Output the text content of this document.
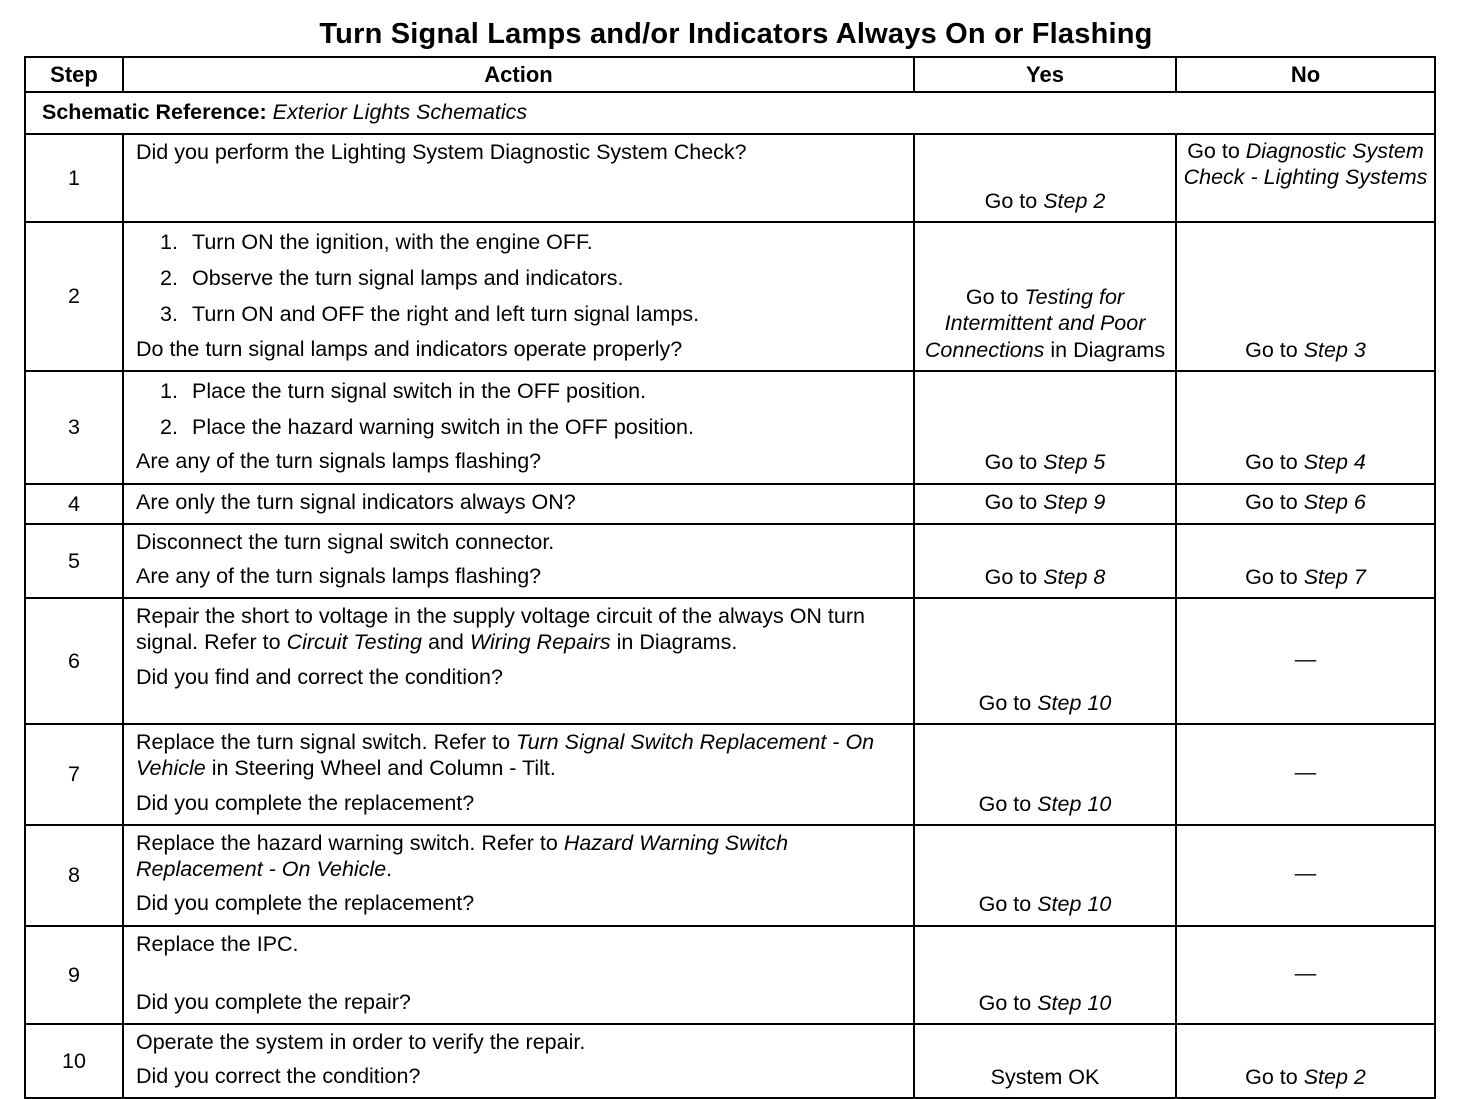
Turn Signal Lamps and/or Indicators Always On or Flashing
Step	Action	Yes	No
Schematic Reference: Exterior Lights Schematics			
1	Did you perform the Lighting System Diagnostic System Check?	Go to Step 2	Go to Diagnostic System Check - Lighting Systems
2	1. Turn ON the ignition, with the engine OFF.
2. Observe the turn signal lamps and indicators.
3. Turn ON and OFF the right and left turn signal lamps.
Do the turn signal lamps and indicators operate properly?	Go to Testing for Intermittent and Poor Connections in Diagrams	Go to Step 3
3	1. Place the turn signal switch in the OFF position.
2. Place the hazard warning switch in the OFF position.
Are any of the turn signals lamps flashing?	Go to Step 5	Go to Step 4
4	Are only the turn signal indicators always ON?	Go to Step 9	Go to Step 6
5	Disconnect the turn signal switch connector.
Are any of the turn signals lamps flashing?	Go to Step 8	Go to Step 7
6	Repair the short to voltage in the supply voltage circuit of the always ON turn signal. Refer to Circuit Testing and Wiring Repairs in Diagrams.
Did you find and correct the condition?	Go to Step 10	—
7	Replace the turn signal switch. Refer to Turn Signal Switch Replacement - On Vehicle in Steering Wheel and Column - Tilt.
Did you complete the replacement?	Go to Step 10	—
8	Replace the hazard warning switch. Refer to Hazard Warning Switch Replacement - On Vehicle.
Did you complete the replacement?	Go to Step 10	—
9	Replace the IPC.
Did you complete the repair?	Go to Step 10	—
10	Operate the system in order to verify the repair.
Did you correct the condition?	System OK	Go to Step 2
